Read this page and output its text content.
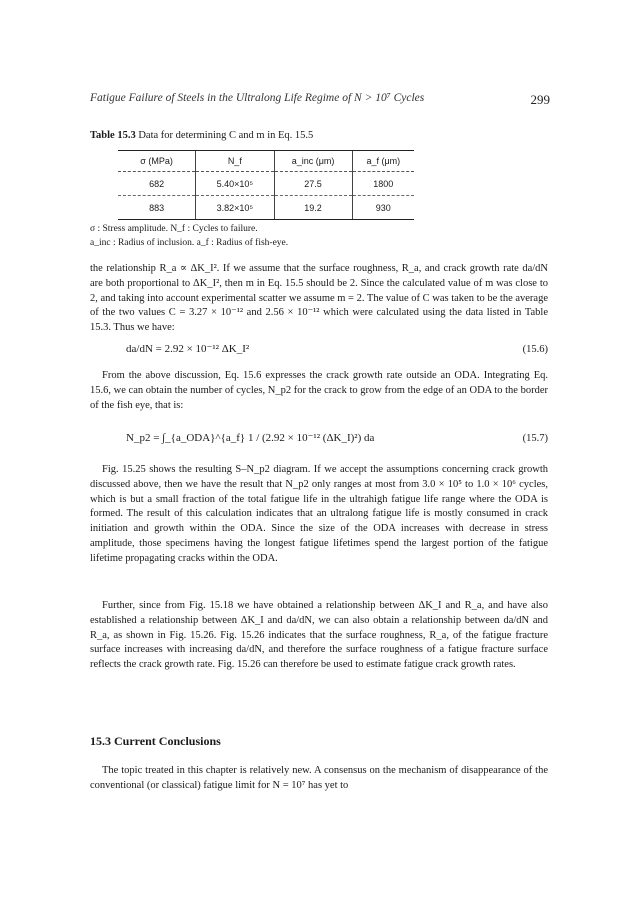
Fatigue Failure of Steels in the Ultralong Life Regime of N > 10⁷ Cycles	299
Table 15.3 Data for determining C and m in Eq. 15.5
σ (MPa)	N_f	a_inc (μm)	a_f (μm)
682	5.40×10⁵	27.5	1800
883	3.82×10⁵	19.2	930
σ : Stress amplitude. N_f : Cycles to failure.
a_inc : Radius of inclusion. a_f : Radius of fish-eye.

the relationship R_a ∝ ΔK_I². If we assume that the surface roughness, R_a, and crack growth rate da/dN are both proportional to ΔK_I², then m in Eq. 15.5 should be 2. Since the calculated value of m was close to 2, and taking into account experimental scatter we assume m = 2. The value of C was taken to be the average of the two values C = 3.27 × 10⁻¹² and 2.56 × 10⁻¹² which were calculated using the data listed in Table 15.3. Thus we have:

da/dN = 2.92 × 10⁻¹² ΔK_I²	(15.6)

From the above discussion, Eq. 15.6 expresses the crack growth rate outside an ODA. Integrating Eq. 15.6, we can obtain the number of cycles, N_p2 for the crack to grow from the edge of an ODA to the border of the fish eye, that is:

N_p2 = ∫_{a_ODA}^{a_f} 1 / (2.92 × 10⁻¹² (ΔK_I)²) da	(15.7)

Fig. 15.25 shows the resulting S–N_p2 diagram. If we accept the assumptions concerning crack growth discussed above, then we have the result that N_p2 only ranges at most from 3.0 × 10⁵ to 1.0 × 10⁶ cycles, which is but a small fraction of the total fatigue life in the ultrahigh fatigue life range where the ODA is formed. The result of this calculation indicates that an ultralong fatigue life is mostly consumed in crack initiation and growth within the ODA. Since the size of the ODA increases with decrease in stress amplitude, those specimens having the longest fatigue lifetimes spend the largest portion of the fatigue lifetime propagating cracks within the ODA.

Further, since from Fig. 15.18 we have obtained a relationship between ΔK_I and R_a, and have also established a relationship between ΔK_I and da/dN, we can also obtain a relationship between da/dN and R_a, as shown in Fig. 15.26. Fig. 15.26 indicates that the surface roughness, R_a, of the fatigue fracture surface increases with increasing da/dN, and therefore the surface roughness of a fatigue fracture surface reflects the crack growth rate. Fig. 15.26 can therefore be used to estimate fatigue crack growth rates.

15.3 Current Conclusions

The topic treated in this chapter is relatively new. A consensus on the mechanism of disappearance of the conventional (or classical) fatigue limit for N = 10⁷ has yet to
